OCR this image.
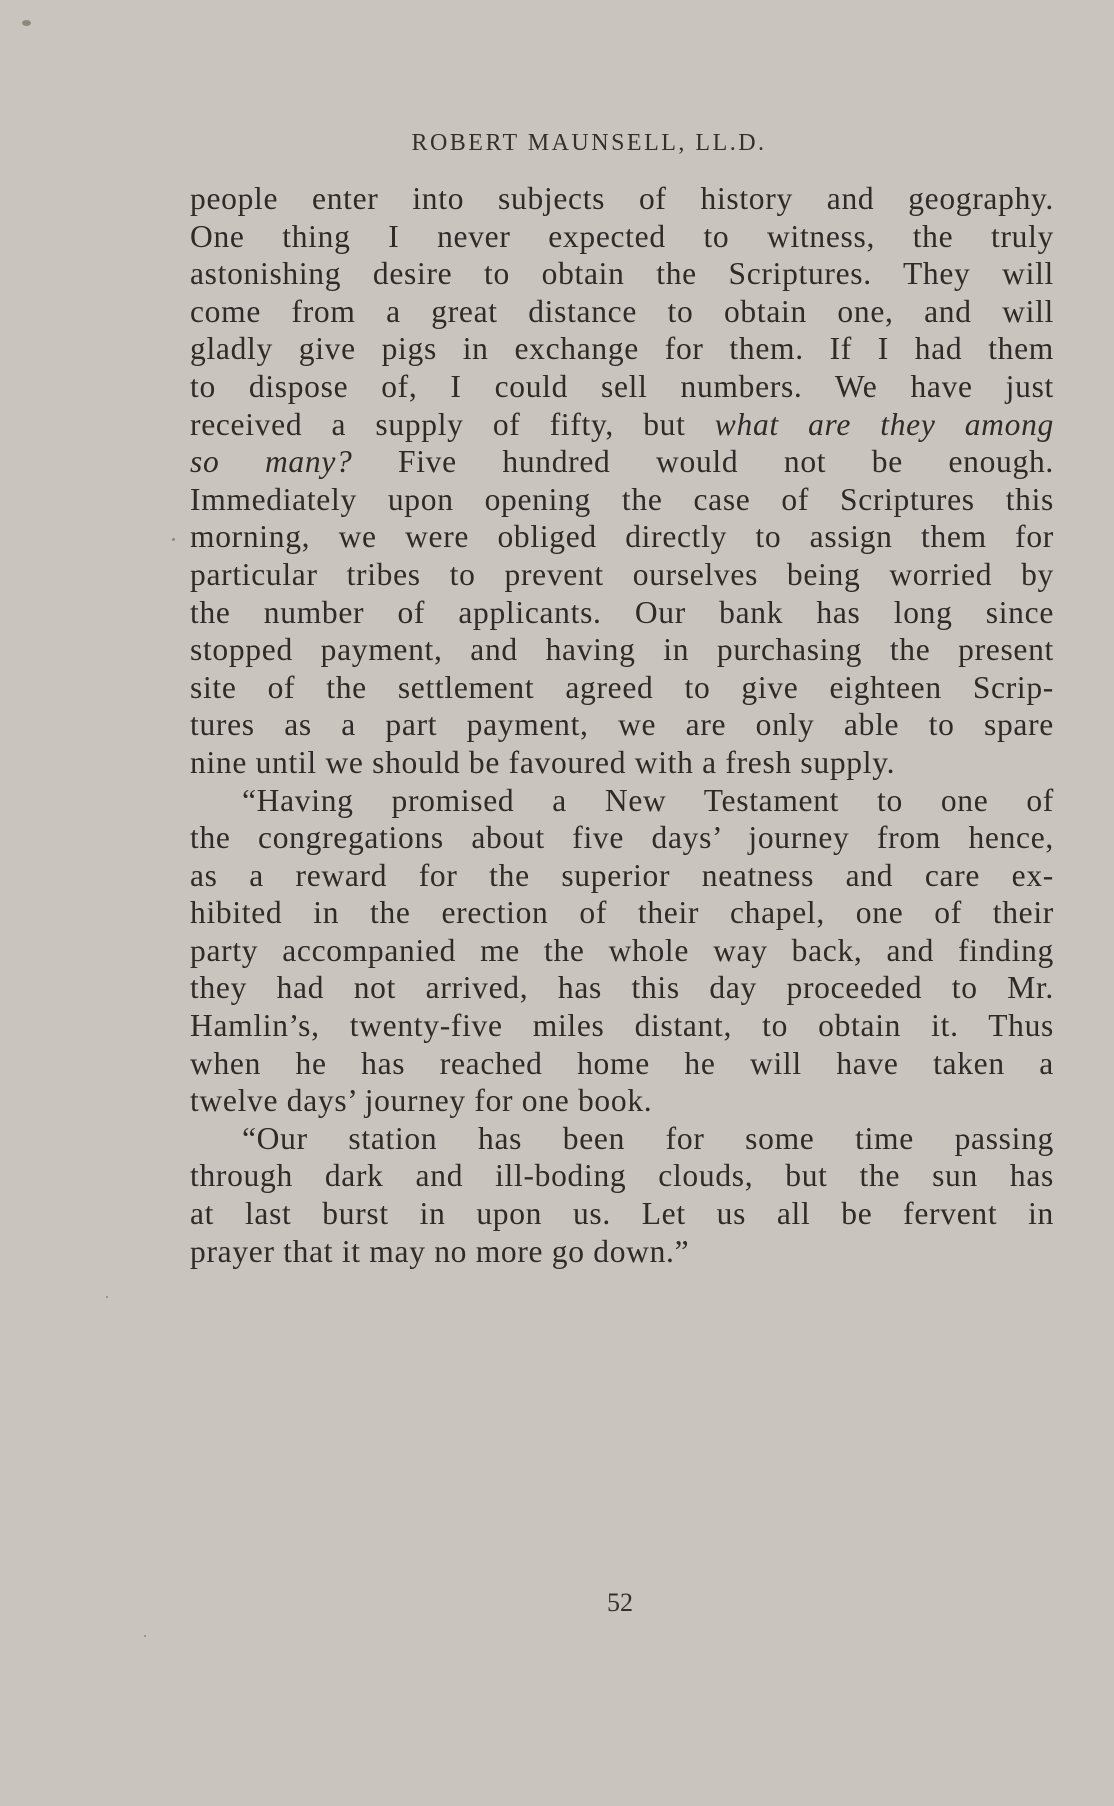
ROBERT MAUNSELL, LL.D.
people enter into subjects of history and geography.
One thing I never expected to witness, the truly
astonishing desire to obtain the Scriptures. They will
come from a great distance to obtain one, and will
gladly give pigs in exchange for them. If I had them
to dispose of, I could sell numbers. We have just
received a supply of fifty, but what are they among
so many? Five hundred would not be enough.
Immediately upon opening the case of Scriptures this
morning, we were obliged directly to assign them for
particular tribes to prevent ourselves being worried by
the number of applicants. Our bank has long since
stopped payment, and having in purchasing the present
site of the settlement agreed to give eighteen Scrip-
tures as a part payment, we are only able to spare
nine until we should be favoured with a fresh supply.
“Having promised a New Testament to one of
the congregations about five days’ journey from hence,
as a reward for the superior neatness and care ex-
hibited in the erection of their chapel, one of their
party accompanied me the whole way back, and finding
they had not arrived, has this day proceeded to Mr.
Hamlin’s, twenty-five miles distant, to obtain it. Thus
when he has reached home he will have taken a
twelve days’ journey for one book.
“Our station has been for some time passing
through dark and ill-boding clouds, but the sun has
at last burst in upon us. Let us all be fervent in
prayer that it may no more go down.”
52
